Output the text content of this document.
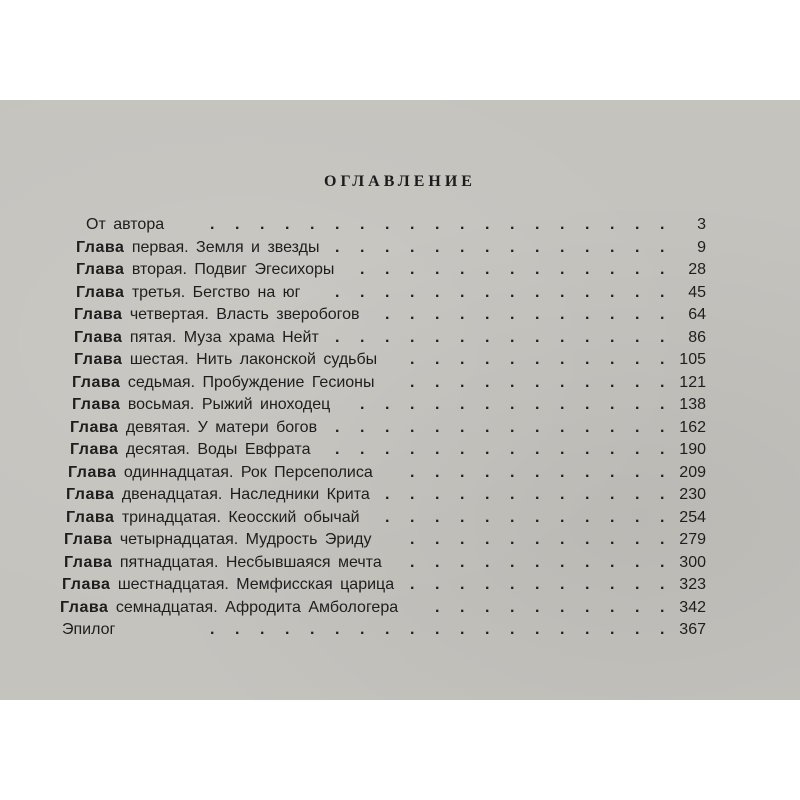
ОГЛАВЛЕНИЕ
От автора	. . . . . . . . . . . . . . . . . . . 3
Глава первая. Земля и звезды . . . . . . . . . . . . . . 9
Глава вторая. Подвиг Эгесихоры . . . . . . . . . . . . . 28
Глава третья. Бегство на юг . . . . . . . . . . . . . . 45
Глава четвертая. Власть зверобогов . . . . . . . . . . . . 64
Глава пятая. Муза храма Нейт . . . . . . . . . . . . . . 86
Глава шестая. Нить лаконской судьбы . . . . . . . . . . . 105
Глава седьмая. Пробуждение Гесионы . . . . . . . . . . . 121
Глава восьмая. Рыжий иноходец . . . . . . . . . . . . . 138
Глава девятая. У матери богов . . . . . . . . . . . . . . 162
Глава десятая. Воды Евфрата . . . . . . . . . . . . . . 190
Глава одиннадцатая. Рок Персеполиса . . . . . . . . . . . 209
Глава двенадцатая. Наследники Крита . . . . . . . . . . . . 230
Глава тринадцатая. Кеосский обычай . . . . . . . . . . . . 254
Глава четырнадцатая. Мудрость Эриду . . . . . . . . . . . 279
Глава пятнадцатая. Несбывшаяся мечта . . . . . . . . . . . 300
Глава шестнадцатая. Мемфисская царица . . . . . . . . . . . 323
Глава семнадцатая. Афродита Амбологера . . . . . . . . . . 342
Эпилог	. . . . . . . . . . . . . . . . . . . 367
